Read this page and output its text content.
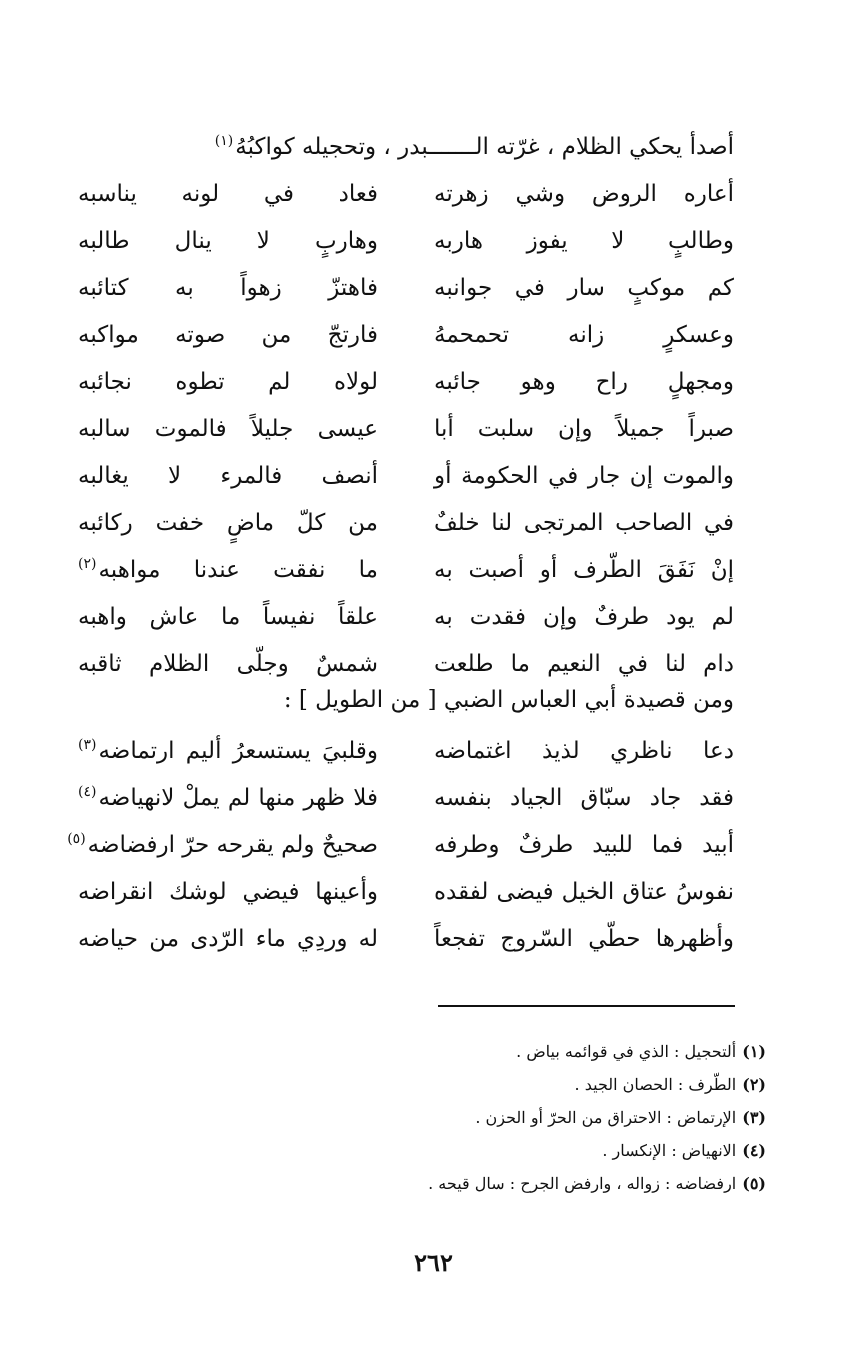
أصدأ يحكي الظلام ، غرّته الـــــــبدر ، وتحجيله كواكبُهُ$^{(١)}$
أعاره الروض وشي زهرته
فعاد في لونه يناسبه
وطالبٍ لا يفوز هاربه
وهاربٍ لا ينال طالبه
كم موكبٍ سار في جوانبه
فاهتزّ زهواً به كتائبه
وعسكرٍ زانه تحمحمهُ
فارتجّ من صوته مواكبه
ومجهلٍ راح وهو جائبه
لولاه لم تطوه نجائبه
صبراً جميلاً وإن سلبت أبا
عيسى جليلاً فالموت سالبه
والموت إن جار في الحكومة أو
أنصف فالمرء لا يغالبه
في الصاحب المرتجى لنا خلفٌ
من كلّ ماضٍ خفت ركائبه
إنْ نَفَقَ الطّرف أو أصبت به
ما نفقت عندنا مواهبه$^{(٢)}$
لم يود طرفٌ وإن فقدت به
علقاً نفيساً ما عاش واهبه
دام لنا في النعيم ما طلعت
شمسٌ وجلّى الظلام ثاقبه
ومن قصيدة أبي العباس الضبي [ من الطويل ] :
دعا ناظري لذيذ اغتماضه
وقلبيَ يستسعرُ أليم ارتماضه$^{(٣)}$
فقد جاد سبّاق الجياد بنفسه
فلا ظهر منها لم يملْ لانهياضه$^{(٤)}$
أبيد فما للبيد طرفٌ وطرفه
صحيحٌ ولم يقرحه حرّ ارفضاضه$^{(٥)}$
نفوسُ عتاق الخيل فيضى لفقده
وأعينها فيضي لوشك انقراضه
وأظهرها حطّي السّروج تفجعاً
له وردِي ماء الرّدى من حياضه
(١)ألتحجيل : الذي في قوائمه بياض .
(٢)الطّرف : الحصان الجيد .
(٣)الإرتماض : الاحتراق من الحرّ أو الحزن .
(٤)الانهياض : الإنكسار .
(٥)ارفضاضه : زواله ، وارفض الجرح : سال قيحه .
٢٦٢
